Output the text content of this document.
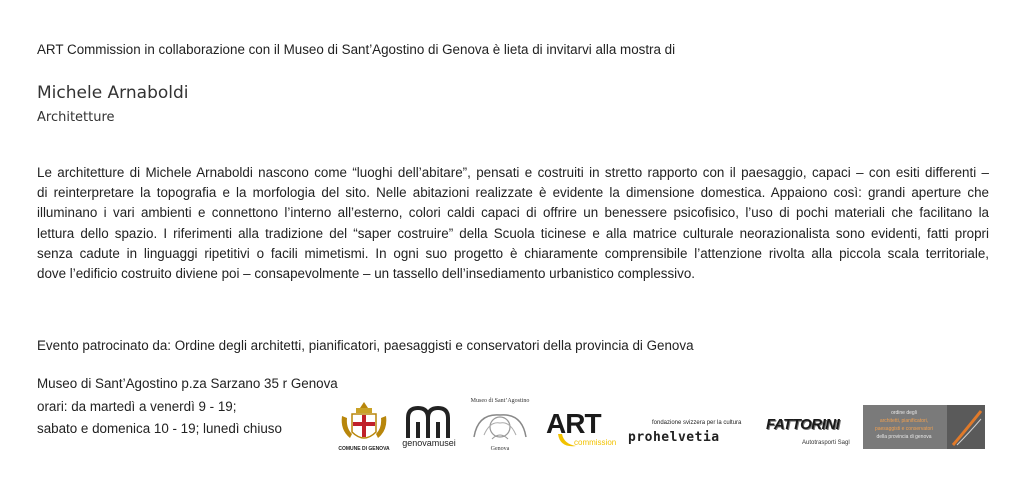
ART Commission in collaborazione con il Museo di Sant’Agostino di Genova è lieta di invitarvi alla mostra di
Michele Arnaboldi
Architetture
Le architetture di Michele Arnaboldi nascono come “luoghi dell’abitare”, pensati e costruiti in stretto rapporto con il paesaggio, capaci – con esiti differenti –
di reinterpretare la topografia e la morfologia del sito. Nelle abitazioni realizzate è evidente la dimensione domestica. Appaiono così: grandi aperture che
illuminano i vari ambienti e connettono l’interno all’esterno, colori caldi capaci di offrire un benessere psicofisico, l’uso di pochi materiali che facilitano la
lettura dello spazio. I riferimenti alla tradizione del “saper costruire” della Scuola ticinese e alla matrice culturale neorazionalista sono evidenti, fatti propri
senza cadute in linguaggi ripetitivi o facili mimetismi. In ogni suo progetto è chiaramente comprensibile l’attenzione rivolta alla piccola scala territoriale,
dove l’edificio costruito diviene poi – consapevolmente – un tassello dell’insediamento urbanistico complessivo.
Evento patrocinato da: Ordine degli architetti, pianificatori, paesaggisti e conservatori della provincia di Genova
Museo di Sant’Agostino p.za Sarzano 35 r Genova
orari: da martedì a venerdì 9 - 19;
sabato e domenica 10 - 19; lunedì chiuso
COMUNE DI GENOVA
genovamusei
Museo di Sant’Agostino
Genova
ART
commission
fondazione svizzera per la cultura
prohelvetia
FATTORINI
Autotrasporti Sagl
ordine degli
architetti, pianificatori,
paesaggisti e conservatori
della provincia di genova
